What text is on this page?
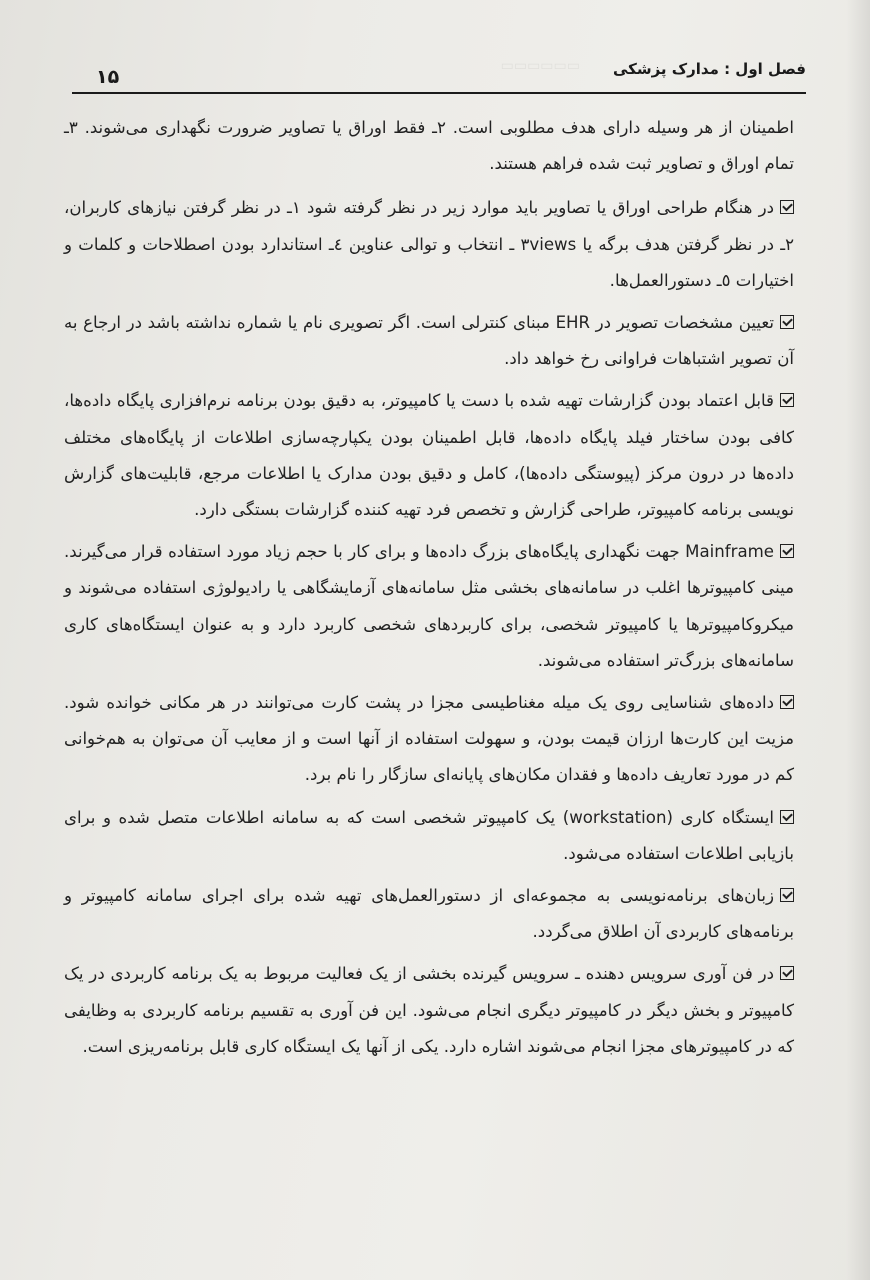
▭▭▭▭▭▭ فصل اول : مدارک پزشکی
۱۵

اطمینان از هر وسیله دارای هدف مطلوبی است. ۲ـ فقط اوراق یا تصاویر ضرورت نگهداری می‌شوند. ۳ـ تمام اوراق و تصاویر ثبت شده فراهم هستند.

در هنگام طراحی اوراق یا تصاویر باید موارد زیر در نظر گرفته شود ۱ـ در نظر گرفتن نیازهای کاربران، ۲ـ در نظر گرفتن هدف برگه یا ۳views ـ انتخاب و توالی عناوین ٤ـ استاندارد بودن اصطلاحات و کلمات و اختیارات ٥ـ دستورالعمل‌ها.

تعیین مشخصات تصویر در EHR مبنای کنترلی است. اگر تصویری نام یا شماره نداشته باشد در ارجاع به آن تصویر اشتباهات فراوانی رخ خواهد داد.

قابل اعتماد بودن گزارشات تهیه شده با دست یا کامپیوتر، به دقیق بودن برنامه نرم‌افزاری پایگاه داده‌ها، کافی بودن ساختار فیلد پایگاه داده‌ها، قابل اطمینان بودن یکپارچه‌سازی اطلاعات از پایگاه‌های مختلف داده‌ها در درون مرکز (پیوستگی داده‌ها)، کامل و دقیق بودن مدارک یا اطلاعات مرجع، قابلیت‌های گزارش نویسی برنامه کامپیوتر، طراحی گزارش و تخصص فرد تهیه کننده گزارشات بستگی دارد.

Mainframe جهت نگهداری پایگاه‌های بزرگ داده‌ها و برای کار با حجم زیاد مورد استفاده قرار می‌گیرند. مینی کامپیوترها اغلب در سامانه‌های بخشی مثل سامانه‌های آزمایشگاهی یا رادیولوژی استفاده می‌شوند و میکروکامپیوترها یا کامپیوتر شخصی، برای کاربردهای شخصی کاربرد دارد و به عنوان ایستگاه‌های کاری سامانه‌های بزرگ‌تر استفاده می‌شوند.

داده‌های شناسایی روی یک میله مغناطیسی مجزا در پشت کارت می‌توانند در هر مکانی خوانده شود. مزیت این کارت‌ها ارزان قیمت بودن، و سهولت استفاده از آنها است و از معایب آن می‌توان به هم‌خوانی کم در مورد تعاریف داده‌ها و فقدان مکان‌های پایانه‌ای سازگار را نام برد.

ایستگاه کاری (workstation) یک کامپیوتر شخصی است که به سامانه اطلاعات متصل شده و برای بازیابی اطلاعات استفاده می‌شود.

زبان‌های برنامه‌نویسی به مجموعه‌ای از دستورالعمل‌های تهیه شده برای اجرای سامانه کامپیوتر و برنامه‌های کاربردی آن اطلاق می‌گردد.

در فن آوری سرویس دهنده ـ سرویس گیرنده بخشی از یک فعالیت مربوط به یک برنامه کاربردی در یک کامپیوتر و بخش دیگر در کامپیوتر دیگری انجام می‌شود. این فن آوری به تقسیم برنامه کاربردی به وظایفی که در کامپیوترهای مجزا انجام می‌شوند اشاره دارد. یکی از آنها یک ایستگاه کاری قابل برنامه‌ریزی است.
